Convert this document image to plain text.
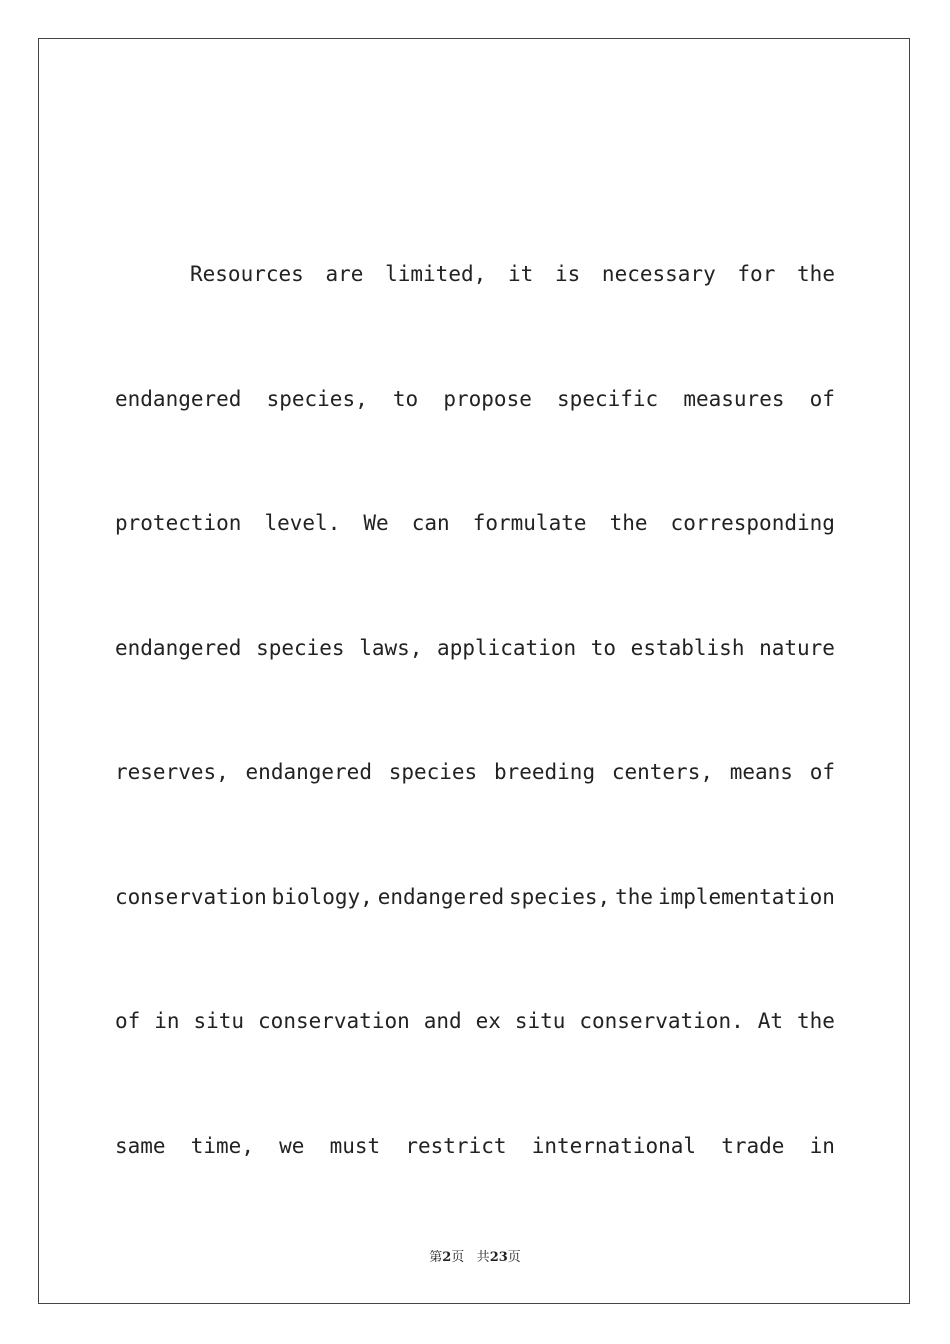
Resources are limited, it is necessary for the
endangered species, to propose specific measures of
protection level. We can formulate the corresponding
endangered species laws, application to establish nature
reserves, endangered species breeding centers, means of
conservation biology, endangered species, the implementation
of in situ conservation and ex situ conservation. At the
same time, we must restrict international trade in
第2页 共23页
